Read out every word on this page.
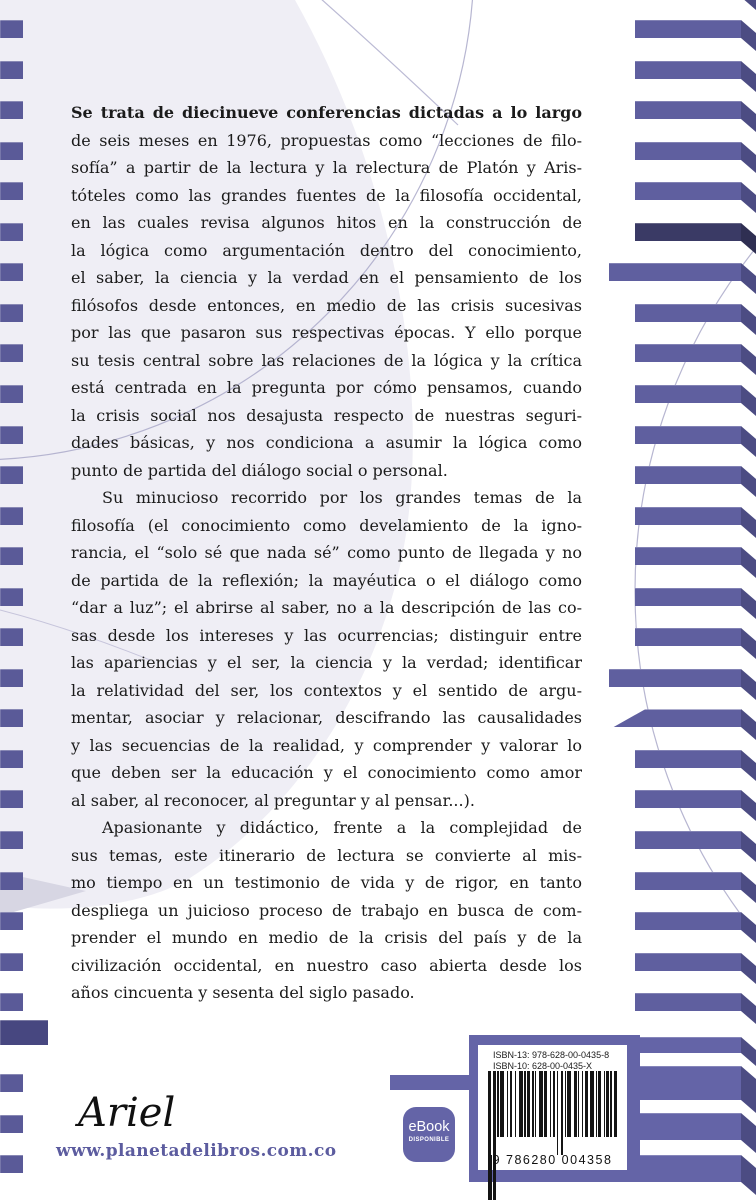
Se trata de diecinueve conferencias dictadas a lo largo
de seis meses en 1976, propuestas como “lecciones de filo-
sofía” a partir de la lectura y la relectura de Platón y Aris-
tóteles como las grandes fuentes de la filosofía occidental,
en las cuales revisa algunos hitos en la construcción de
la lógica como argumentación dentro del conocimiento,
el saber, la ciencia y la verdad en el pensamiento de los
filósofos desde entonces, en medio de las crisis sucesivas
por las que pasaron sus respectivas épocas. Y ello porque
su tesis central sobre las relaciones de la lógica y la crítica
está centrada en la pregunta por cómo pensamos, cuando
la crisis social nos desajusta respecto de nuestras seguri-
dades básicas, y nos condiciona a asumir la lógica como
punto de partida del diálogo social o personal.
Su minucioso recorrido por los grandes temas de la
filosofía (el conocimiento como develamiento de la igno-
rancia, el “solo sé que nada sé” como punto de llegada y no
de partida de la reflexión; la mayéutica o el diálogo como
“dar a luz”; el abrirse al saber, no a la descripción de las co-
sas desde los intereses y las ocurrencias; distinguir entre
las apariencias y el ser, la ciencia y la verdad; identificar
la relatividad del ser, los contextos y el sentido de argu-
mentar, asociar y relacionar, descifrando las causalidades
y las secuencias de la realidad, y comprender y valorar lo
que deben ser la educación y el conocimiento como amor
al saber, al reconocer, al preguntar y al pensar...).
Apasionante y didáctico, frente a la complejidad de
sus temas, este itinerario de lectura se convierte al mis-
mo tiempo en un testimonio de vida y de rigor, en tanto
despliega un juicioso proceso de trabajo en busca de com-
prender el mundo en medio de la crisis del país y de la
civilización occidental, en nuestro caso abierta desde los
años cincuenta y sesenta del siglo pasado.
Ariel
www.planetadelibros.com.co
eBook
DISPONIBLE
ISBN-13: 978-628-00-0435-8
ISBN-10: 628-00-0435-X
9 786280 004358
